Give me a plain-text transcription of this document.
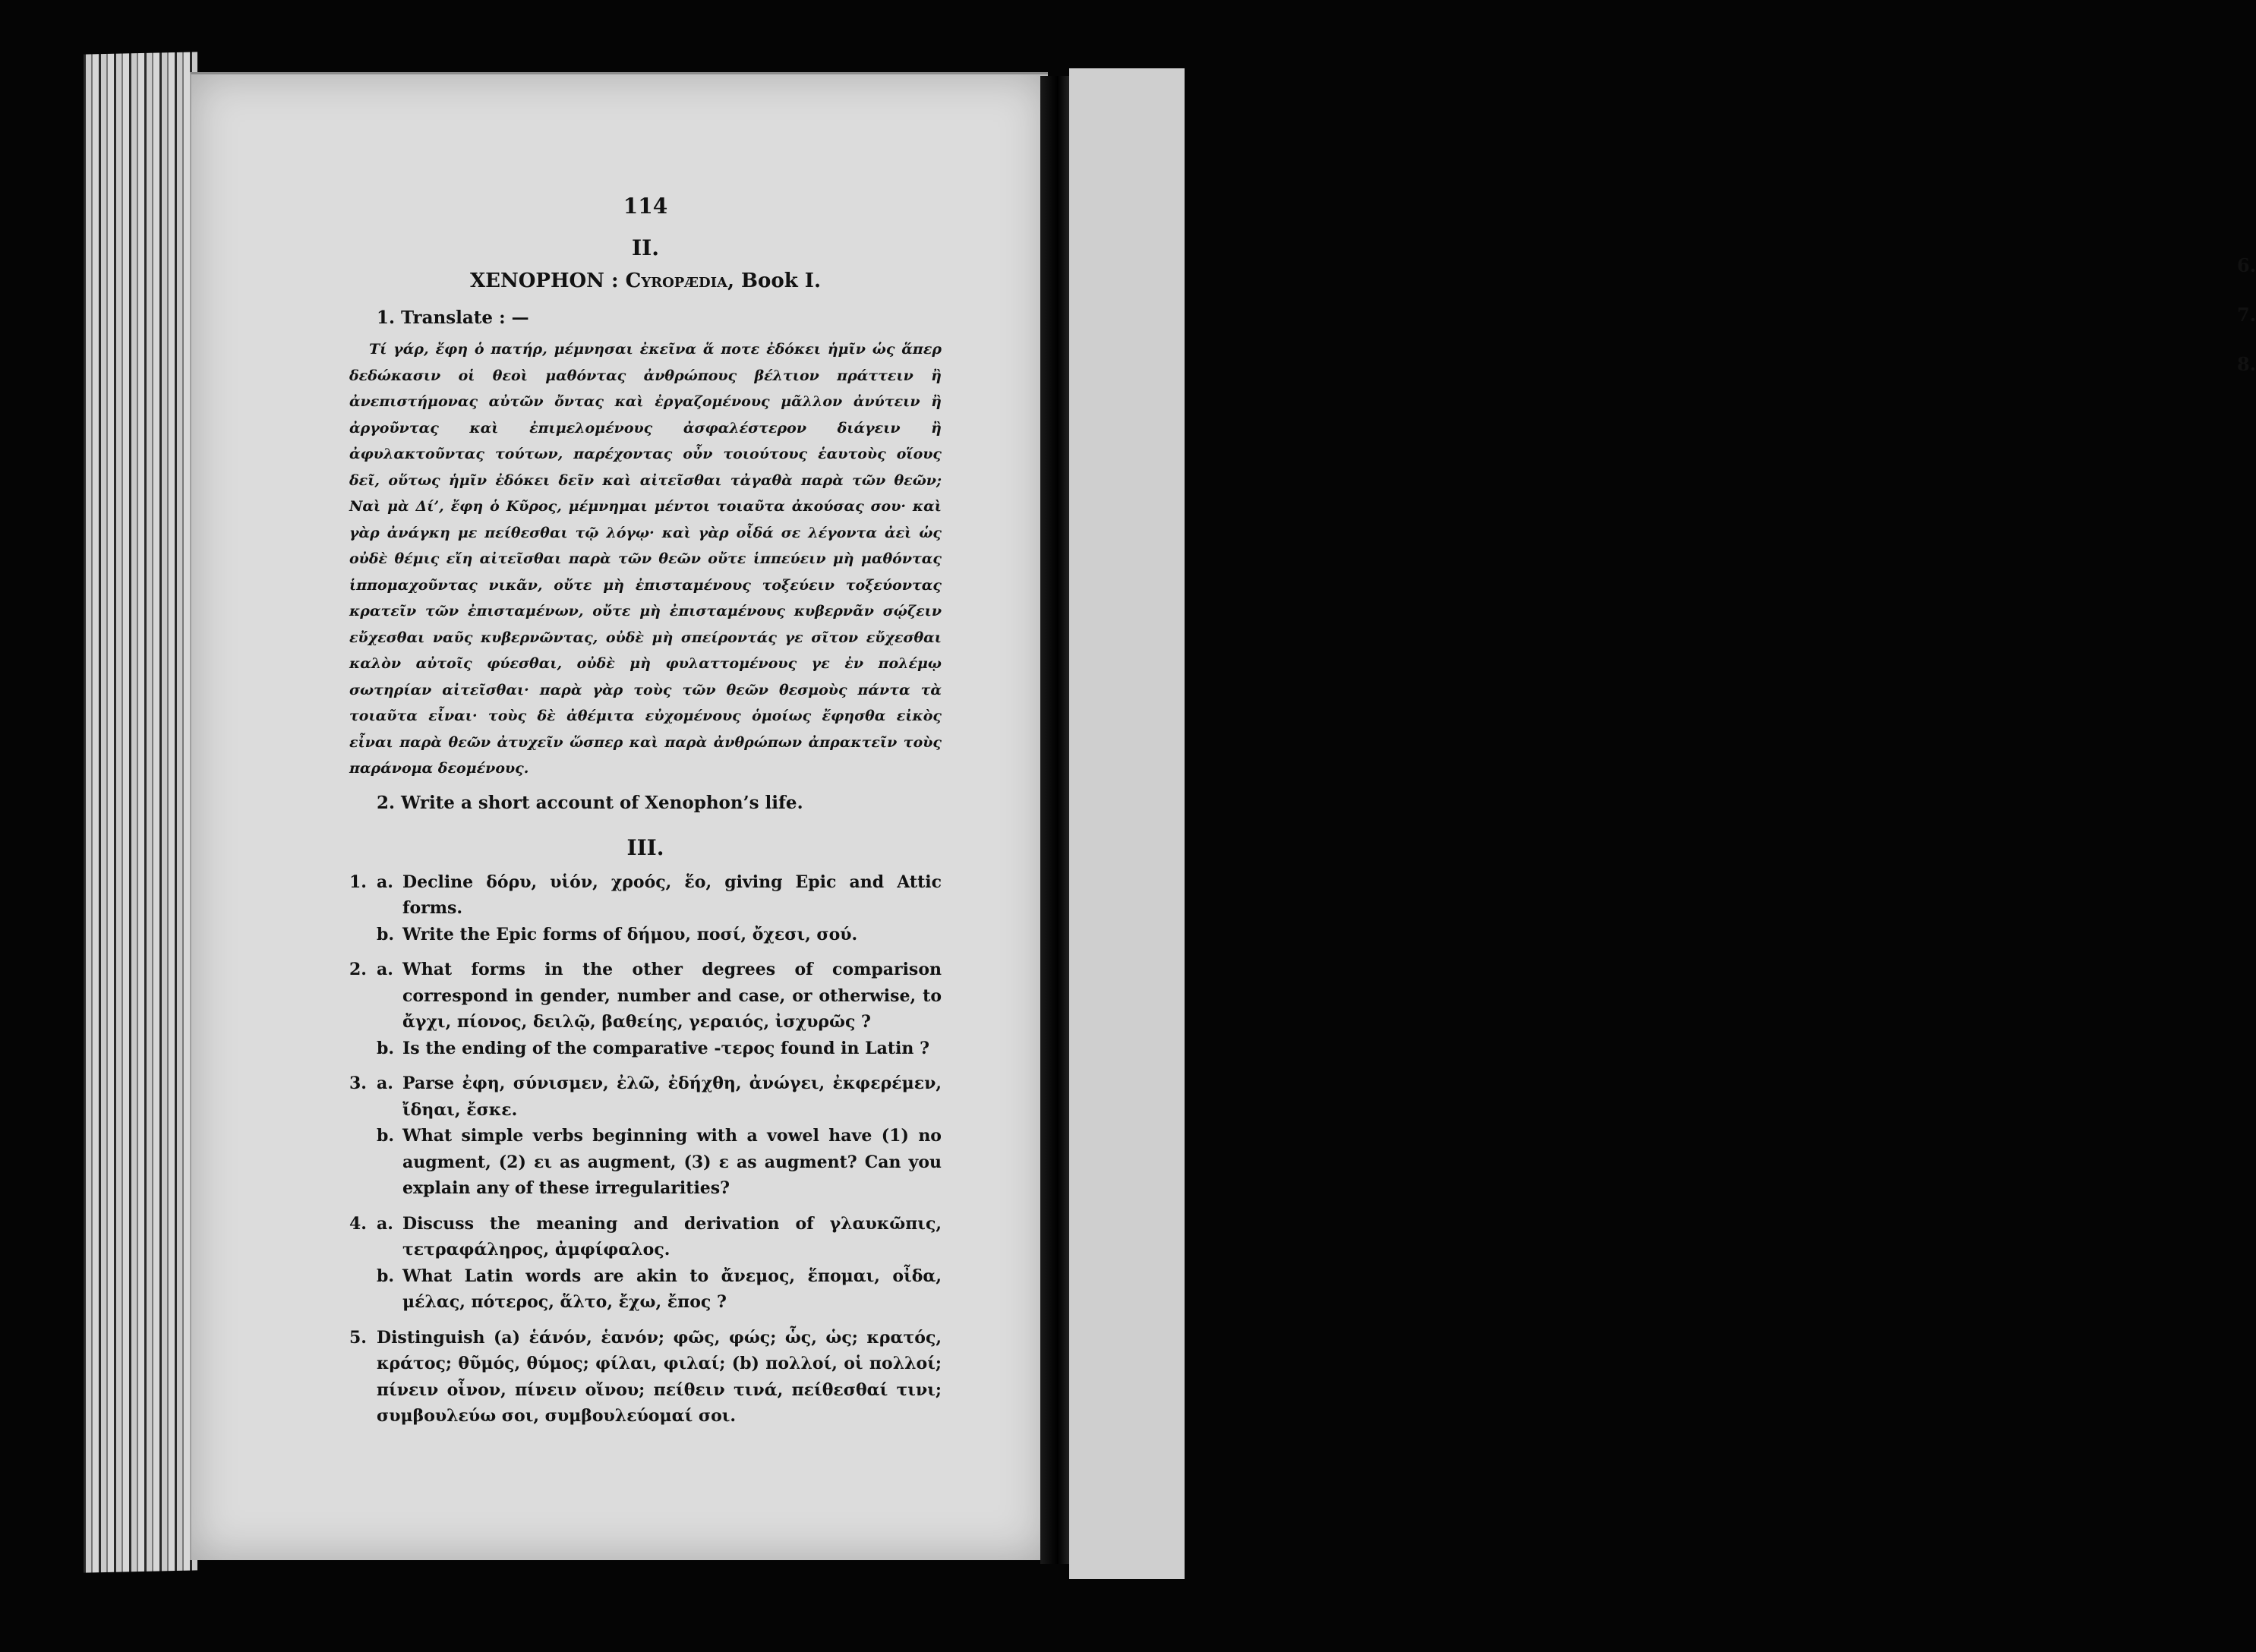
6.
7.
8.
114
II.
XENOPHON : Cyropædia, Book I.

1. Translate : —

Τί γάρ, ἔφη ὁ πατήρ, μέμνησαι ἐκεῖνα ἅ ποτε ἐδόκει ἡμῖν ὡς ἅπερ δεδώκασιν οἱ θεοὶ μαθόντας ἀνθρώπους βέλτιον πράττειν ἢ ἀνεπιστήμονας αὐτῶν ὄντας καὶ ἐργαζομένους μᾶλλον ἀνύτειν ἢ ἀργοῦντας καὶ ἐπιμελομένους ἀσφαλέστερον διάγειν ἢ ἀφυλακτοῦντας τούτων, παρέχοντας οὖν τοιούτους ἑαυτοὺς οἵους δεῖ, οὕτως ἡμῖν ἐδόκει δεῖν καὶ αἰτεῖσθαι τἀγαθὰ παρὰ τῶν θεῶν; Ναὶ μὰ Δί’, ἔφη ὁ Κῦρος, μέμνημαι μέντοι τοιαῦτα ἀκούσας σου· καὶ γὰρ ἀνάγκη με πείθεσθαι τῷ λόγῳ· καὶ γὰρ οἶδά σε λέγοντα ἀεὶ ὡς οὐδὲ θέμις εἴη αἰτεῖσθαι παρὰ τῶν θεῶν οὔτε ἱππεύειν μὴ μαθόντας ἱππομαχοῦντας νικᾶν, οὔτε μὴ ἐπισταμένους τοξεύειν τοξεύοντας κρατεῖν τῶν ἐπισταμένων, οὔτε μὴ ἐπισταμένους κυβερνᾶν σῴζειν εὔχεσθαι ναῦς κυβερνῶντας, οὐδὲ μὴ σπείροντάς γε σῖτον εὔχεσθαι καλὸν αὐτοῖς φύεσθαι, οὐδὲ μὴ φυλαττομένους γε ἐν πολέμῳ σωτηρίαν αἰτεῖσθαι· παρὰ γὰρ τοὺς τῶν θεῶν θεσμοὺς πάντα τὰ τοιαῦτα εἶναι· τοὺς δὲ ἀθέμιτα εὐχομένους ὁμοίως ἔφησθα εἰκὸς εἶναι παρὰ θεῶν ἀτυχεῖν ὥσπερ καὶ παρὰ ἀνθρώπων ἀπρακτεῖν τοὺς παράνομα δεομένους.

2. Write a short account of Xenophon’s life.

III.
1. a. Decline δόρυ, υἱόν, χροός, ἕο, giving Epic and Attic forms.
b. Write the Epic forms of δήμου, ποσί, ὄχεσι, σού.
2. a. What forms in the other degrees of comparison correspond in gender, number and case, or otherwise, to ἄγχι, πίονος, δειλῷ, βαθείης, γεραιός, ἰσχυρῶς ?
b. Is the ending of the comparative -τερος found in Latin ?
3. a. Parse ἐφη, σύνισμεν, ἐλῶ, ἐδήχθη, ἀνώγει, ἐκφερέμεν, ἴδηαι, ἔσκε.
b. What simple verbs beginning with a vowel have (1) no augment, (2) ει as augment, (3) ε as augment? Can you explain any of these irregularities?
4. a. Discuss the meaning and derivation of γλαυκῶπις, τετραφάληρος, ἀμφίφαλος.
b. What Latin words are akin to ἄνεμος, ἕπομαι, οἶδα, μέλας, πότερος, ἅλτο, ἔχω, ἔπος ?
5. Distinguish (a) ἑάνόν, ἑανόν; φῶς, φώς; ὧς, ὡς; κρατός, κράτος; θῦμός, θύμος; φίλαι, φιλαί; (b) πολλοί, οἱ πολλοί; πίνειν οἶνον, πίνειν οἴνου; πείθειν τινά, πείθεσθαί τινι; συμβουλεύω σοι, συμβουλεύομαί σοι.
